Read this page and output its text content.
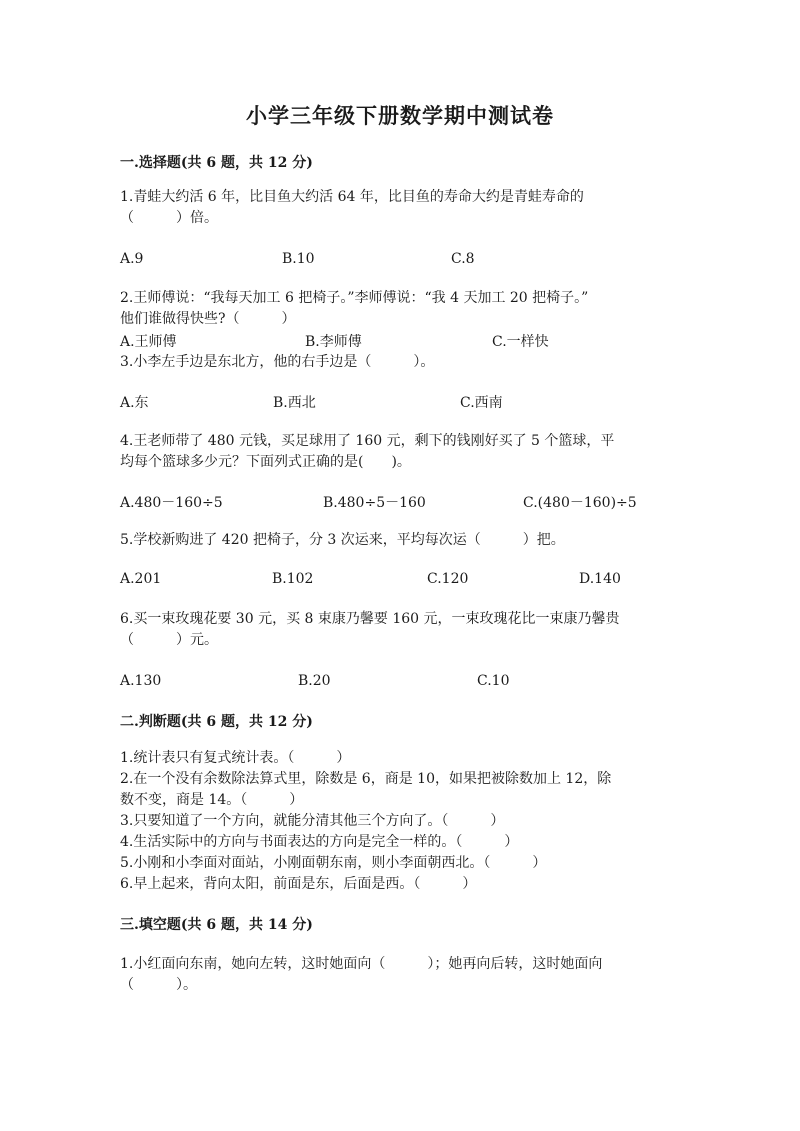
小学三年级下册数学期中测试卷
一.选择题(共 6 题，共 12 分)
1.青蛙大约活 6 年，比目鱼大约活 64 年，比目鱼的寿命大约是青蛙寿命的
（　　　）倍。
A.9	B.10	C.8
2.王师傅说：“我每天加工 6 把椅子。”李师傅说：“我 4 天加工 20 把椅子。”
他们谁做得快些?（　　　）
A.王师傅	B.李师傅	C.一样快
3.小李左手边是东北方，他的右手边是（　　　）。
A.东	B.西北	C.西南
4.王老师带了 480 元钱，买足球用了 160 元，剩下的钱刚好买了 5 个篮球，平
均每个篮球多少元？下面列式正确的是(　　)。
A.480－160÷5	B.480÷5－160	C.(480－160)÷5
5.学校新购进了 420 把椅子，分 3 次运来，平均每次运（　　　）把。
A.201	B.102	C.120	D.140
6.买一束玫瑰花要 30 元，买 8 束康乃馨要 160 元，一束玫瑰花比一束康乃馨贵
（　　　）元。
A.130	B.20	C.10
二.判断题(共 6 题，共 12 分)
1.统计表只有复式统计表。（　　　）
2.在一个没有余数除法算式里，除数是 6，商是 10，如果把被除数加上 12，除
数不变，商是 14。（　　　）
3.只要知道了一个方向，就能分清其他三个方向了。（　　　）
4.生活实际中的方向与书面表达的方向是完全一样的。（　　　）
5.小刚和小李面对面站，小刚面朝东南，则小李面朝西北。（　　　）
6.早上起来，背向太阳，前面是东，后面是西。（　　　）
三.填空题(共 6 题，共 14 分)
1.小红面向东南，她向左转，这时她面向（　　　）；她再向后转，这时她面向
（　　　）。
